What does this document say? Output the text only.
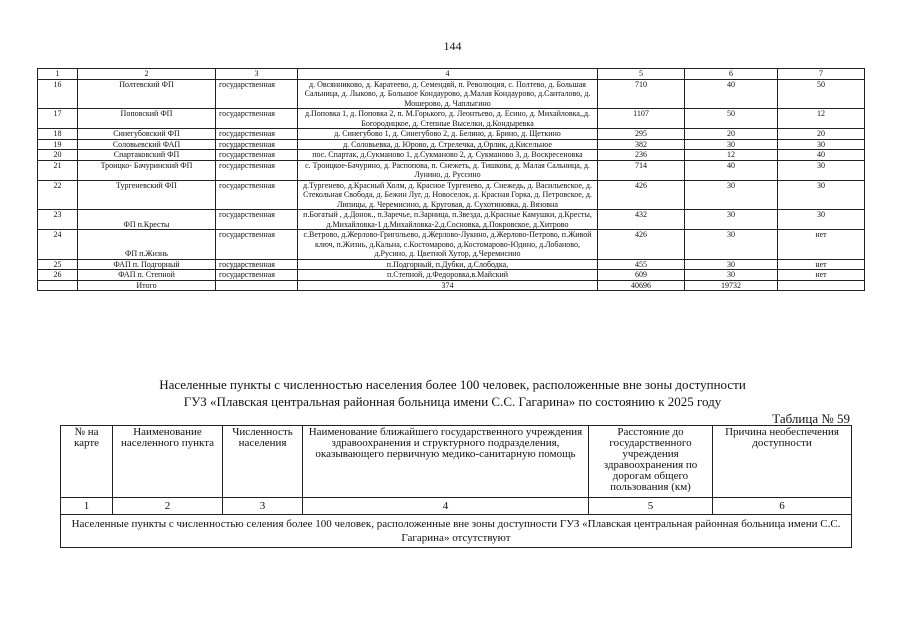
144
1	2	3	4	5	6	7
16	Полтевский ФП	государственная	д. Овсянниково, д. Каратеево, д. Семендяй, п. Революция, с. Полтево, д. Большая Сальница, д. Лыково, д. Большое Кондаурово, д.Малая Кондаурово, д.Санталово, д. Мошерово, д. Чаплыгино	710	40	50
17	Поповский ФП	государственная	д.Поповка 1, д. Поповка 2, п. М.Горького, д. Леонтьево, д. Есино, д. Михайловка,,д. Богородицкое, д. Степные Выселки, д.Кондыревка	1107	50	12
18	Синегубовский ФП	государственная	д. Синегубово 1, д. Синегубово 2, д. Белино, д. Брино, д. Щеткино	295	20	20
19	Соловьевский ФАП	государственная	д. Соловьевка, д. Юрово, д. Стрелечка, д.Орлик, д.Кисельное	382	30	30
20	Спартаковский ФП	государственная	пос. Спартак, д.Сукманово 1, д.Сукманово 2, д. Сукманово 3, д. Воскресеновка	236	12	40
21	Троицко- Бачуринский ФП	государственная	с. Троицкое-Бачурино, д. Распопова, п. Снежеть, д. Тишкова, д. Малая Сальница, д. Лунино, д. Руссино	714	40	30
22	Тургеневский ФП	государственная	д.Тургенево, д.Красный Холм, д. Красное Тургенево, д. Снежедь, д. Васильевское, д. Стекольная Свобода, д. Бежин Луг, д. Новоселок, д. Красная Горка, д. Петровское, д. Липицы, д. Черемисино, д. Круговая, д. Сухотиновка, д. Вязовна	426	30	30
23	ФП п.Кресты	государственная	п.Богатый , д.Донок., п.Заречье, п.Зарница, п.Звезда, д.Красные Камушки, д.Кресты, д.Михайловка-1 д.Михайловка-2.д.Сосновка, д.Покровское, д.Хитрово	432	30	30
24	ФП п.Жизнь	государственная	с.Ветрово, д.Жерлово-Григольево, д.Жерлово-Лукино, д.Жерлово-Петрово, п.Живой ключ, п.Жизнь, д.Кальна, с.Костомарово, д.Костомарово-Юдино, д.Лобаново, д.Русино, д. Цветной Хутор, д.Черемисино	426	30	нет
25	ФАП п. Подгорный	государственная	п.Подгорный, п.Дубки, д.Слободка,	455	30	нет
26	ФАП п. Степной	государственная	п.Степной, д.Федоровка,в.Майский	609	30	нет
	Итого		374	40696	19732	
Населенные пункты с численностью населения более 100 человек, расположенные вне зоны доступности
ГУЗ «Плавская центральная районная больница имени С.С. Гагарина» по состоянию к 2025 году
Таблица № 59
№ на карте	Наименование населенного пункта	Численность населения	Наименование ближайшего государственного учреждения здравоохранения и структурного подразделения, оказывающего первичную медико-санитарную помощь	Расстояние до государственного учреждения здравоохранения по дорогам общего пользования (км)	Причина необеспечения доступности
1	2	3	4	5	6
Населенные пункты с численностью селения более 100 человек, расположенные вне зоны доступности ГУЗ «Плавская центральная районная больница имени С.С. Гагарина» отсутствуют					
